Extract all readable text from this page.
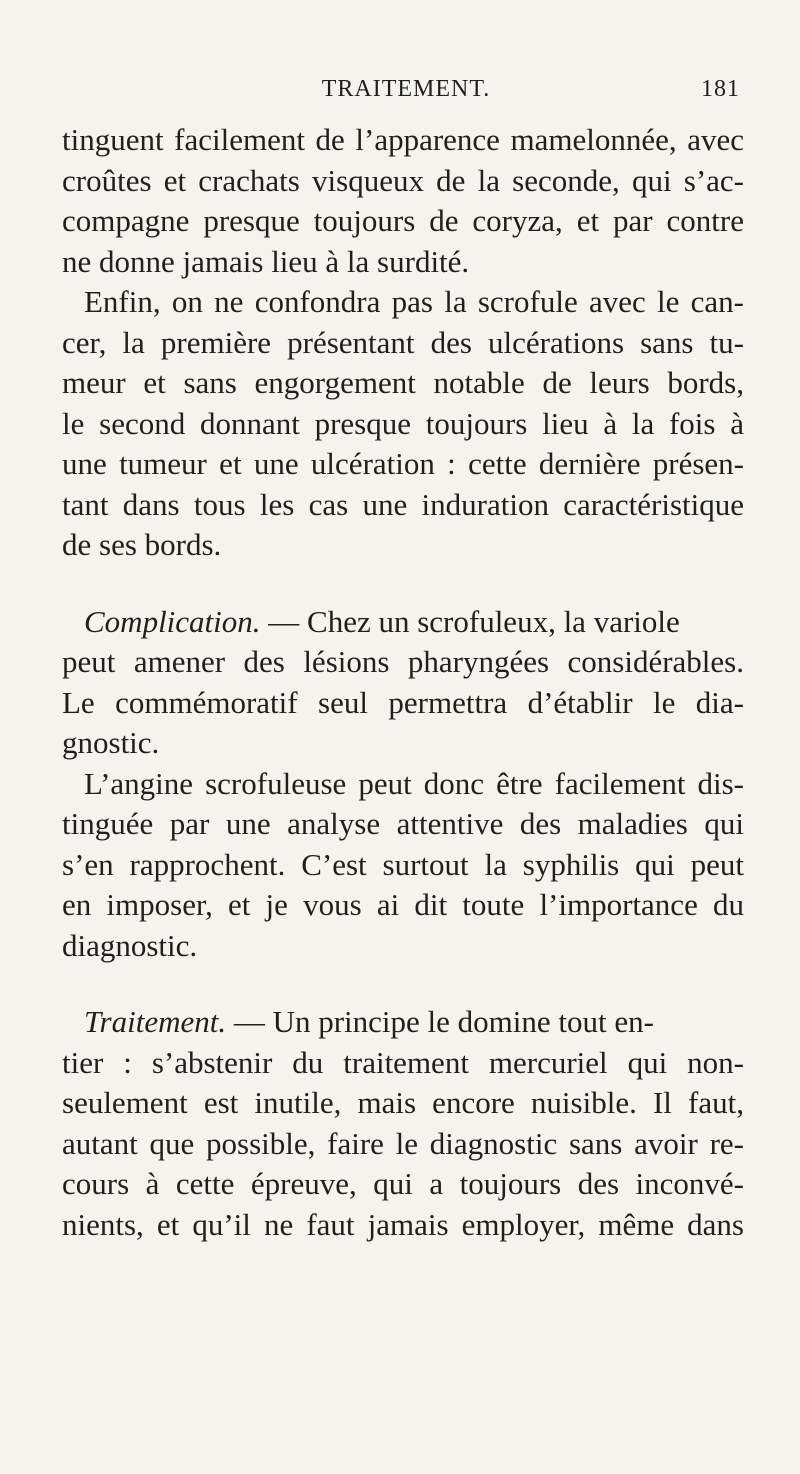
TRAITEMENT.	181
tinguent facilement de l’apparence mamelonnée, avec
croûtes et crachats visqueux de la seconde, qui s’ac-
compagne presque toujours de coryza, et par contre
ne donne jamais lieu à la surdité.
Enfin, on ne confondra pas la scrofule avec le can-
cer, la première présentant des ulcérations sans tu-
meur et sans engorgement notable de leurs bords,
le second donnant presque toujours lieu à la fois à
une tumeur et une ulcération : cette dernière présen-
tant dans tous les cas une induration caractéristique
de ses bords.
Complication. — Chez un scrofuleux, la variole
peut amener des lésions pharyngées considérables.
Le commémoratif seul permettra d’établir le dia-
gnostic.
L’angine scrofuleuse peut donc être facilement dis-
tinguée par une analyse attentive des maladies qui
s’en rapprochent. C’est surtout la syphilis qui peut
en imposer, et je vous ai dit toute l’importance du
diagnostic.
Traitement. — Un principe le domine tout en-
tier : s’abstenir du traitement mercuriel qui non-
seulement est inutile, mais encore nuisible. Il faut,
autant que possible, faire le diagnostic sans avoir re-
cours à cette épreuve, qui a toujours des inconvé-
nients, et qu’il ne faut jamais employer, même dans
